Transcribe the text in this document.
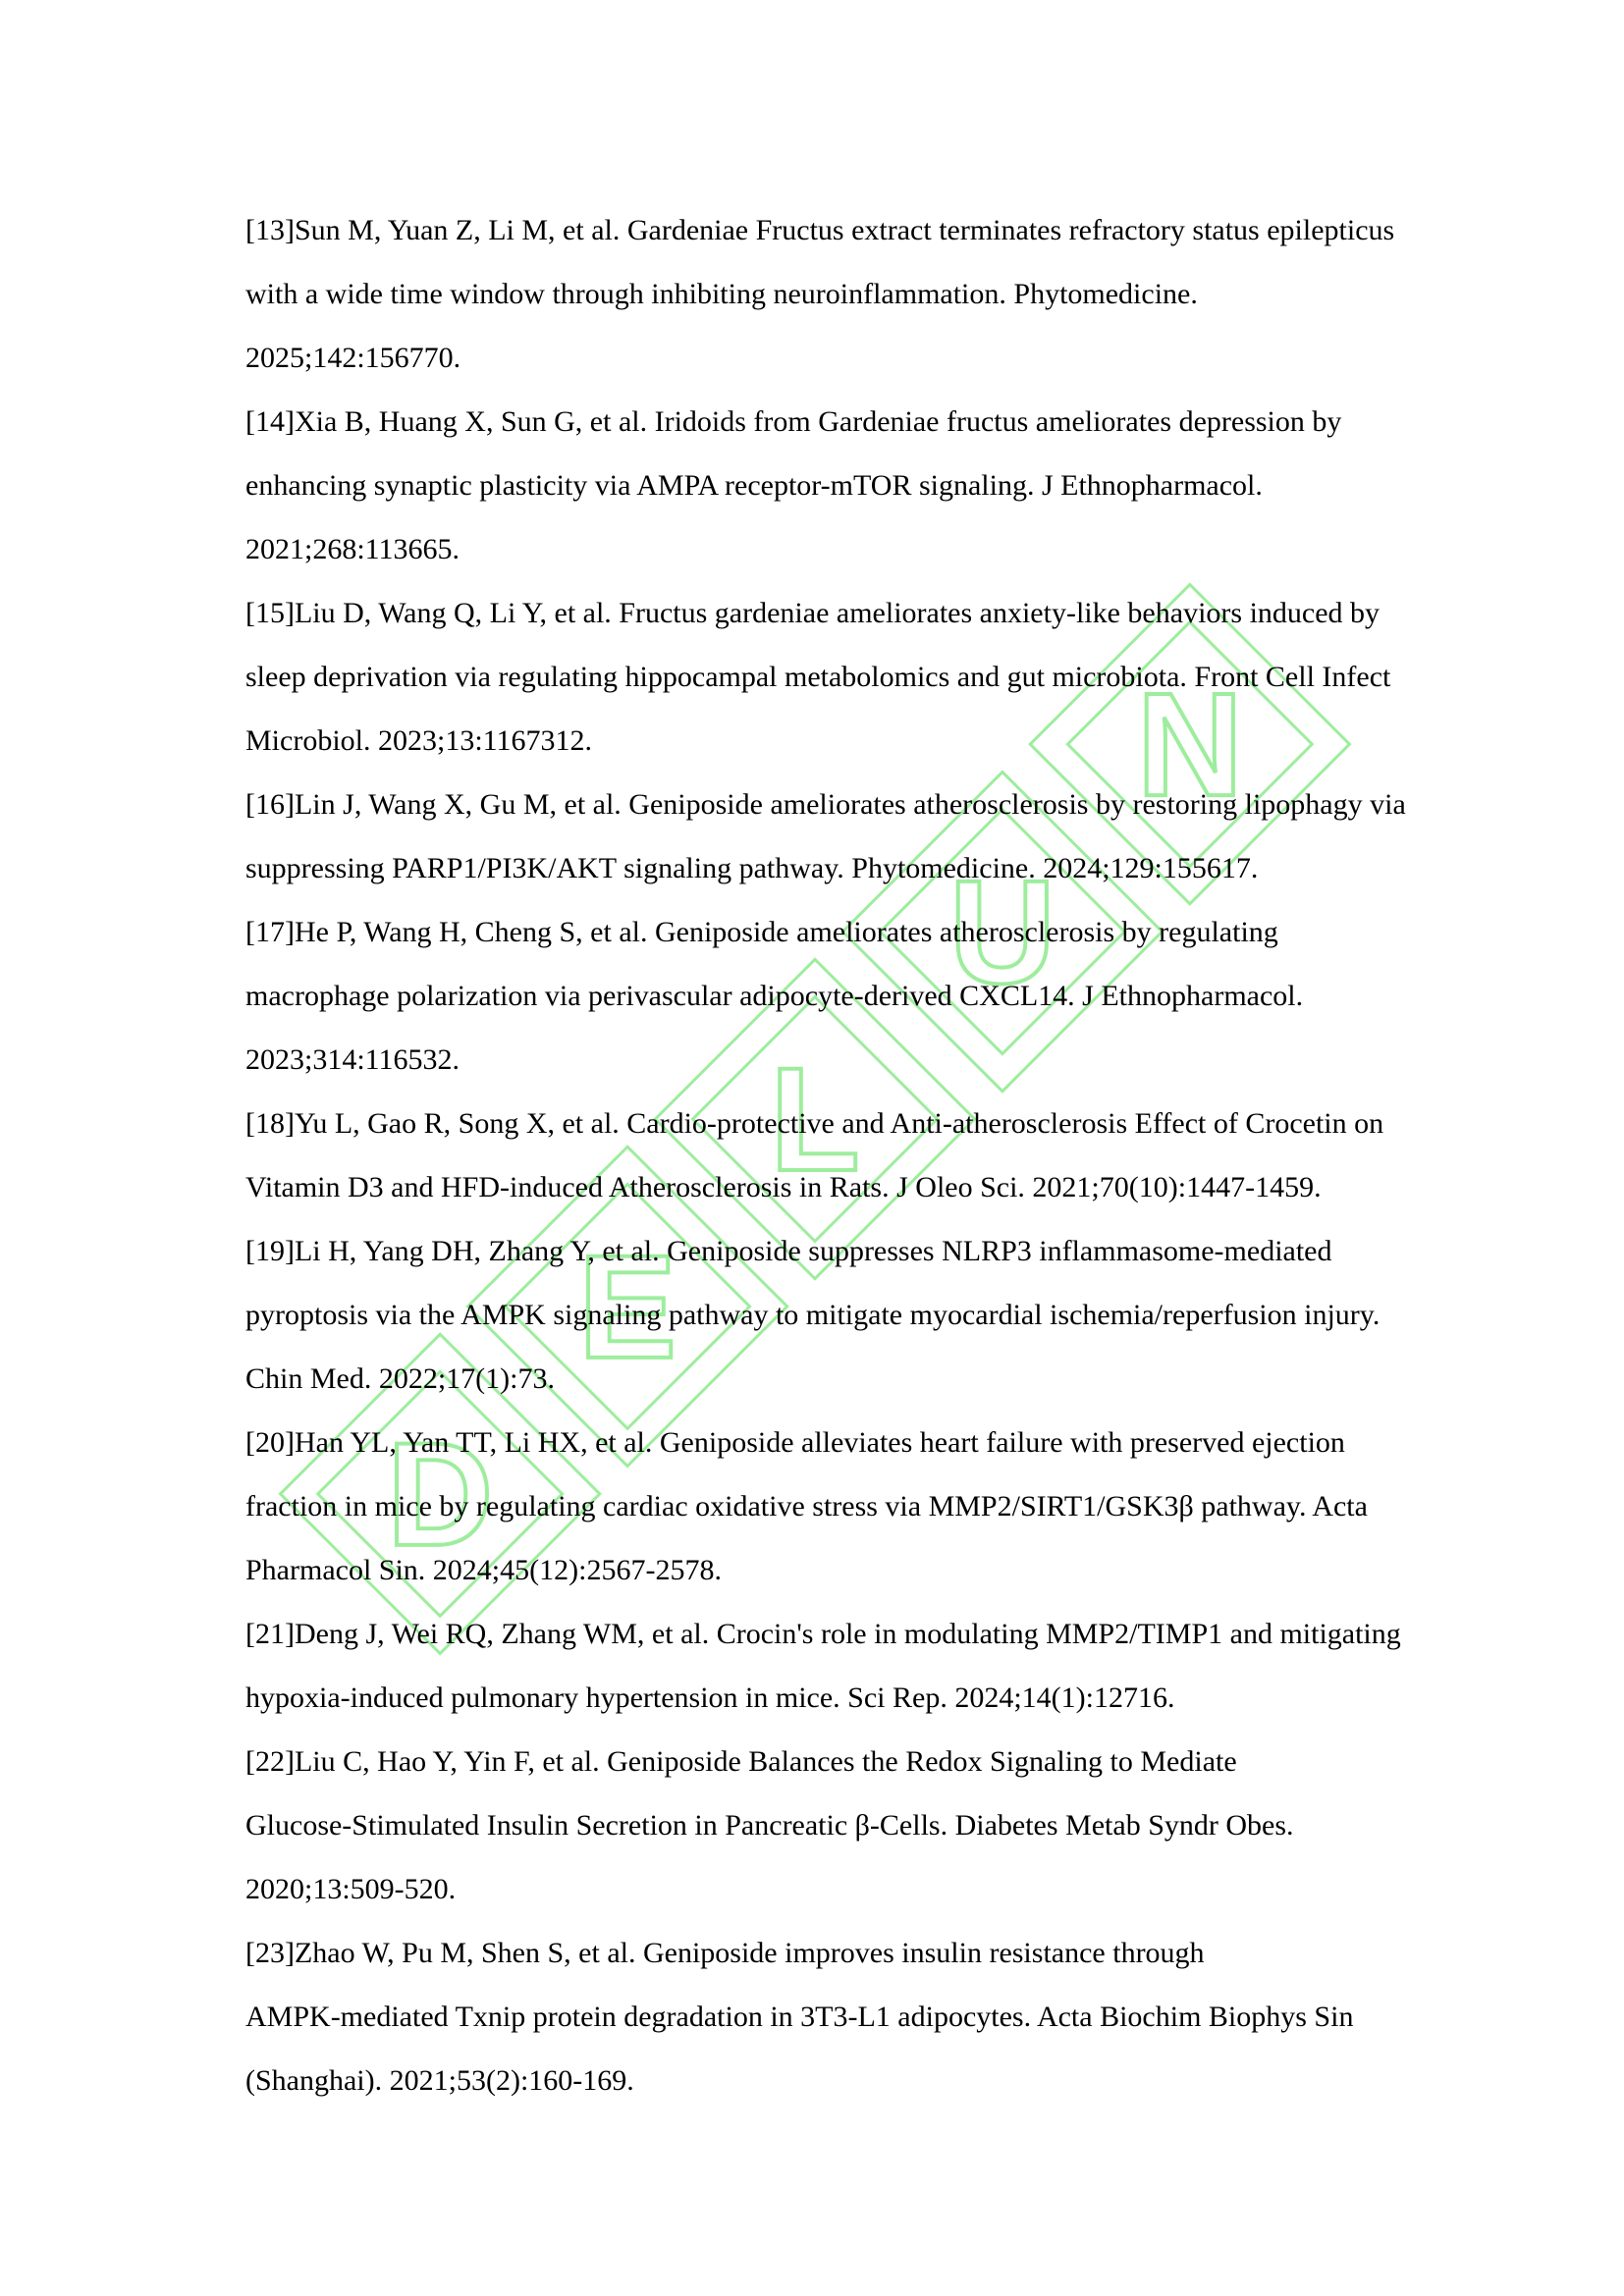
D
E
L
U
N
[13]Sun M, Yuan Z, Li M, et al. Gardeniae Fructus extract terminates refractory status epilepticus
with a wide time window through inhibiting neuroinflammation. Phytomedicine.
2025;142:156770.
[14]Xia B, Huang X, Sun G, et al. Iridoids from Gardeniae fructus ameliorates depression by
enhancing synaptic plasticity via AMPA receptor-mTOR signaling. J Ethnopharmacol.
2021;268:113665.
[15]Liu D, Wang Q, Li Y, et al. Fructus gardeniae ameliorates anxiety-like behaviors induced by
sleep deprivation via regulating hippocampal metabolomics and gut microbiota. Front Cell Infect
Microbiol. 2023;13:1167312.
[16]Lin J, Wang X, Gu M, et al. Geniposide ameliorates atherosclerosis by restoring lipophagy via
suppressing PARP1/PI3K/AKT signaling pathway. Phytomedicine. 2024;129:155617.
[17]He P, Wang H, Cheng S, et al. Geniposide ameliorates atherosclerosis by regulating
macrophage polarization via perivascular adipocyte-derived CXCL14. J Ethnopharmacol.
2023;314:116532.
[18]Yu L, Gao R, Song X, et al. Cardio-protective and Anti-atherosclerosis Effect of Crocetin on
Vitamin D3 and HFD-induced Atherosclerosis in Rats. J Oleo Sci. 2021;70(10):1447-1459.
[19]Li H, Yang DH, Zhang Y, et al. Geniposide suppresses NLRP3 inflammasome-mediated
pyroptosis via the AMPK signaling pathway to mitigate myocardial ischemia/reperfusion injury.
Chin Med. 2022;17(1):73.
[20]Han YL, Yan TT, Li HX, et al. Geniposide alleviates heart failure with preserved ejection
fraction in mice by regulating cardiac oxidative stress via MMP2/SIRT1/GSK3β pathway. Acta
Pharmacol Sin. 2024;45(12):2567-2578.
[21]Deng J, Wei RQ, Zhang WM, et al. Crocin's role in modulating MMP2/TIMP1 and mitigating
hypoxia-induced pulmonary hypertension in mice. Sci Rep. 2024;14(1):12716.
[22]Liu C, Hao Y, Yin F, et al. Geniposide Balances the Redox Signaling to Mediate
Glucose-Stimulated Insulin Secretion in Pancreatic β-Cells. Diabetes Metab Syndr Obes.
2020;13:509-520.
[23]Zhao W, Pu M, Shen S, et al. Geniposide improves insulin resistance through
AMPK-mediated Txnip protein degradation in 3T3-L1 adipocytes. Acta Biochim Biophys Sin
(Shanghai). 2021;53(2):160-169.
